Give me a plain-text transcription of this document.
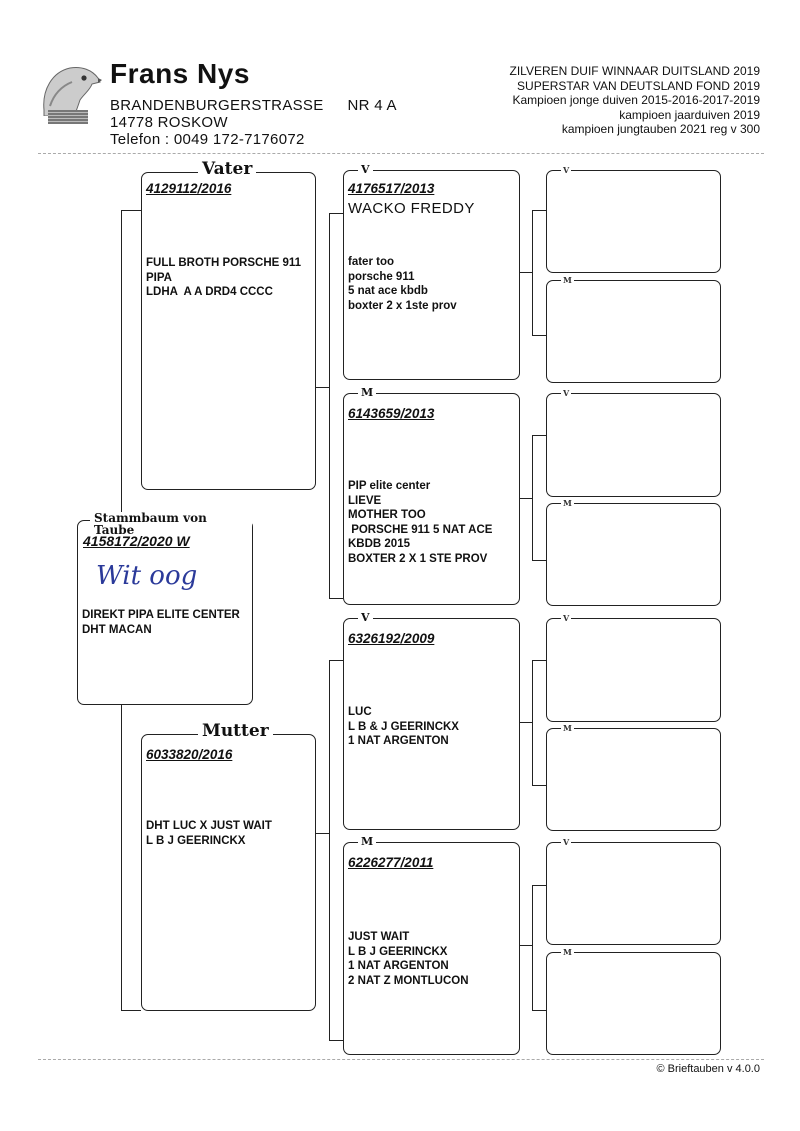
Frans Nys
BRANDENBURGERSTRASSE NR 4 A
14778 ROSKOW
Telefon : 0049 172-7176072
ZILVEREN DUIF WINNAAR DUITSLAND 2019
SUPERSTAR VAN DEUTSLAND FOND 2019
Kampioen jonge duiven 2015-2016-2017-2019
kampioen jaarduiven 2019
kampioen jungtauben 2021 reg v 300
Stammbaum von Taube
4158172/2020 W
Wit oog
DIREKT PIPA ELITE CENTER
DHT MACAN
Vater
4129112/2016
FULL BROTH PORSCHE 911
PIPA
LDHA  A A DRD4 CCCC
Mutter
6033820/2016
DHT LUC X JUST WAIT
L B J GEERINCKX
V
4176517/2013
WACKO FREDDY
fater too
porsche 911
5 nat ace kbdb
boxter 2 x 1ste prov
M
6143659/2013
PIP elite center
LIEVE
MOTHER TOO
PORSCHE 911 5 NAT ACE
KBDB 2015
BOXTER 2 X 1 STE PROV
V
6326192/2009
LUC
L B & J GEERINCKX
1 NAT ARGENTON
M
6226277/2011
JUST WAIT
L B J GEERINCKX
1 NAT ARGENTON
2 NAT Z MONTLUCON
V
M
V
M
V
M
V
M
© Brieftauben v 4.0.0
